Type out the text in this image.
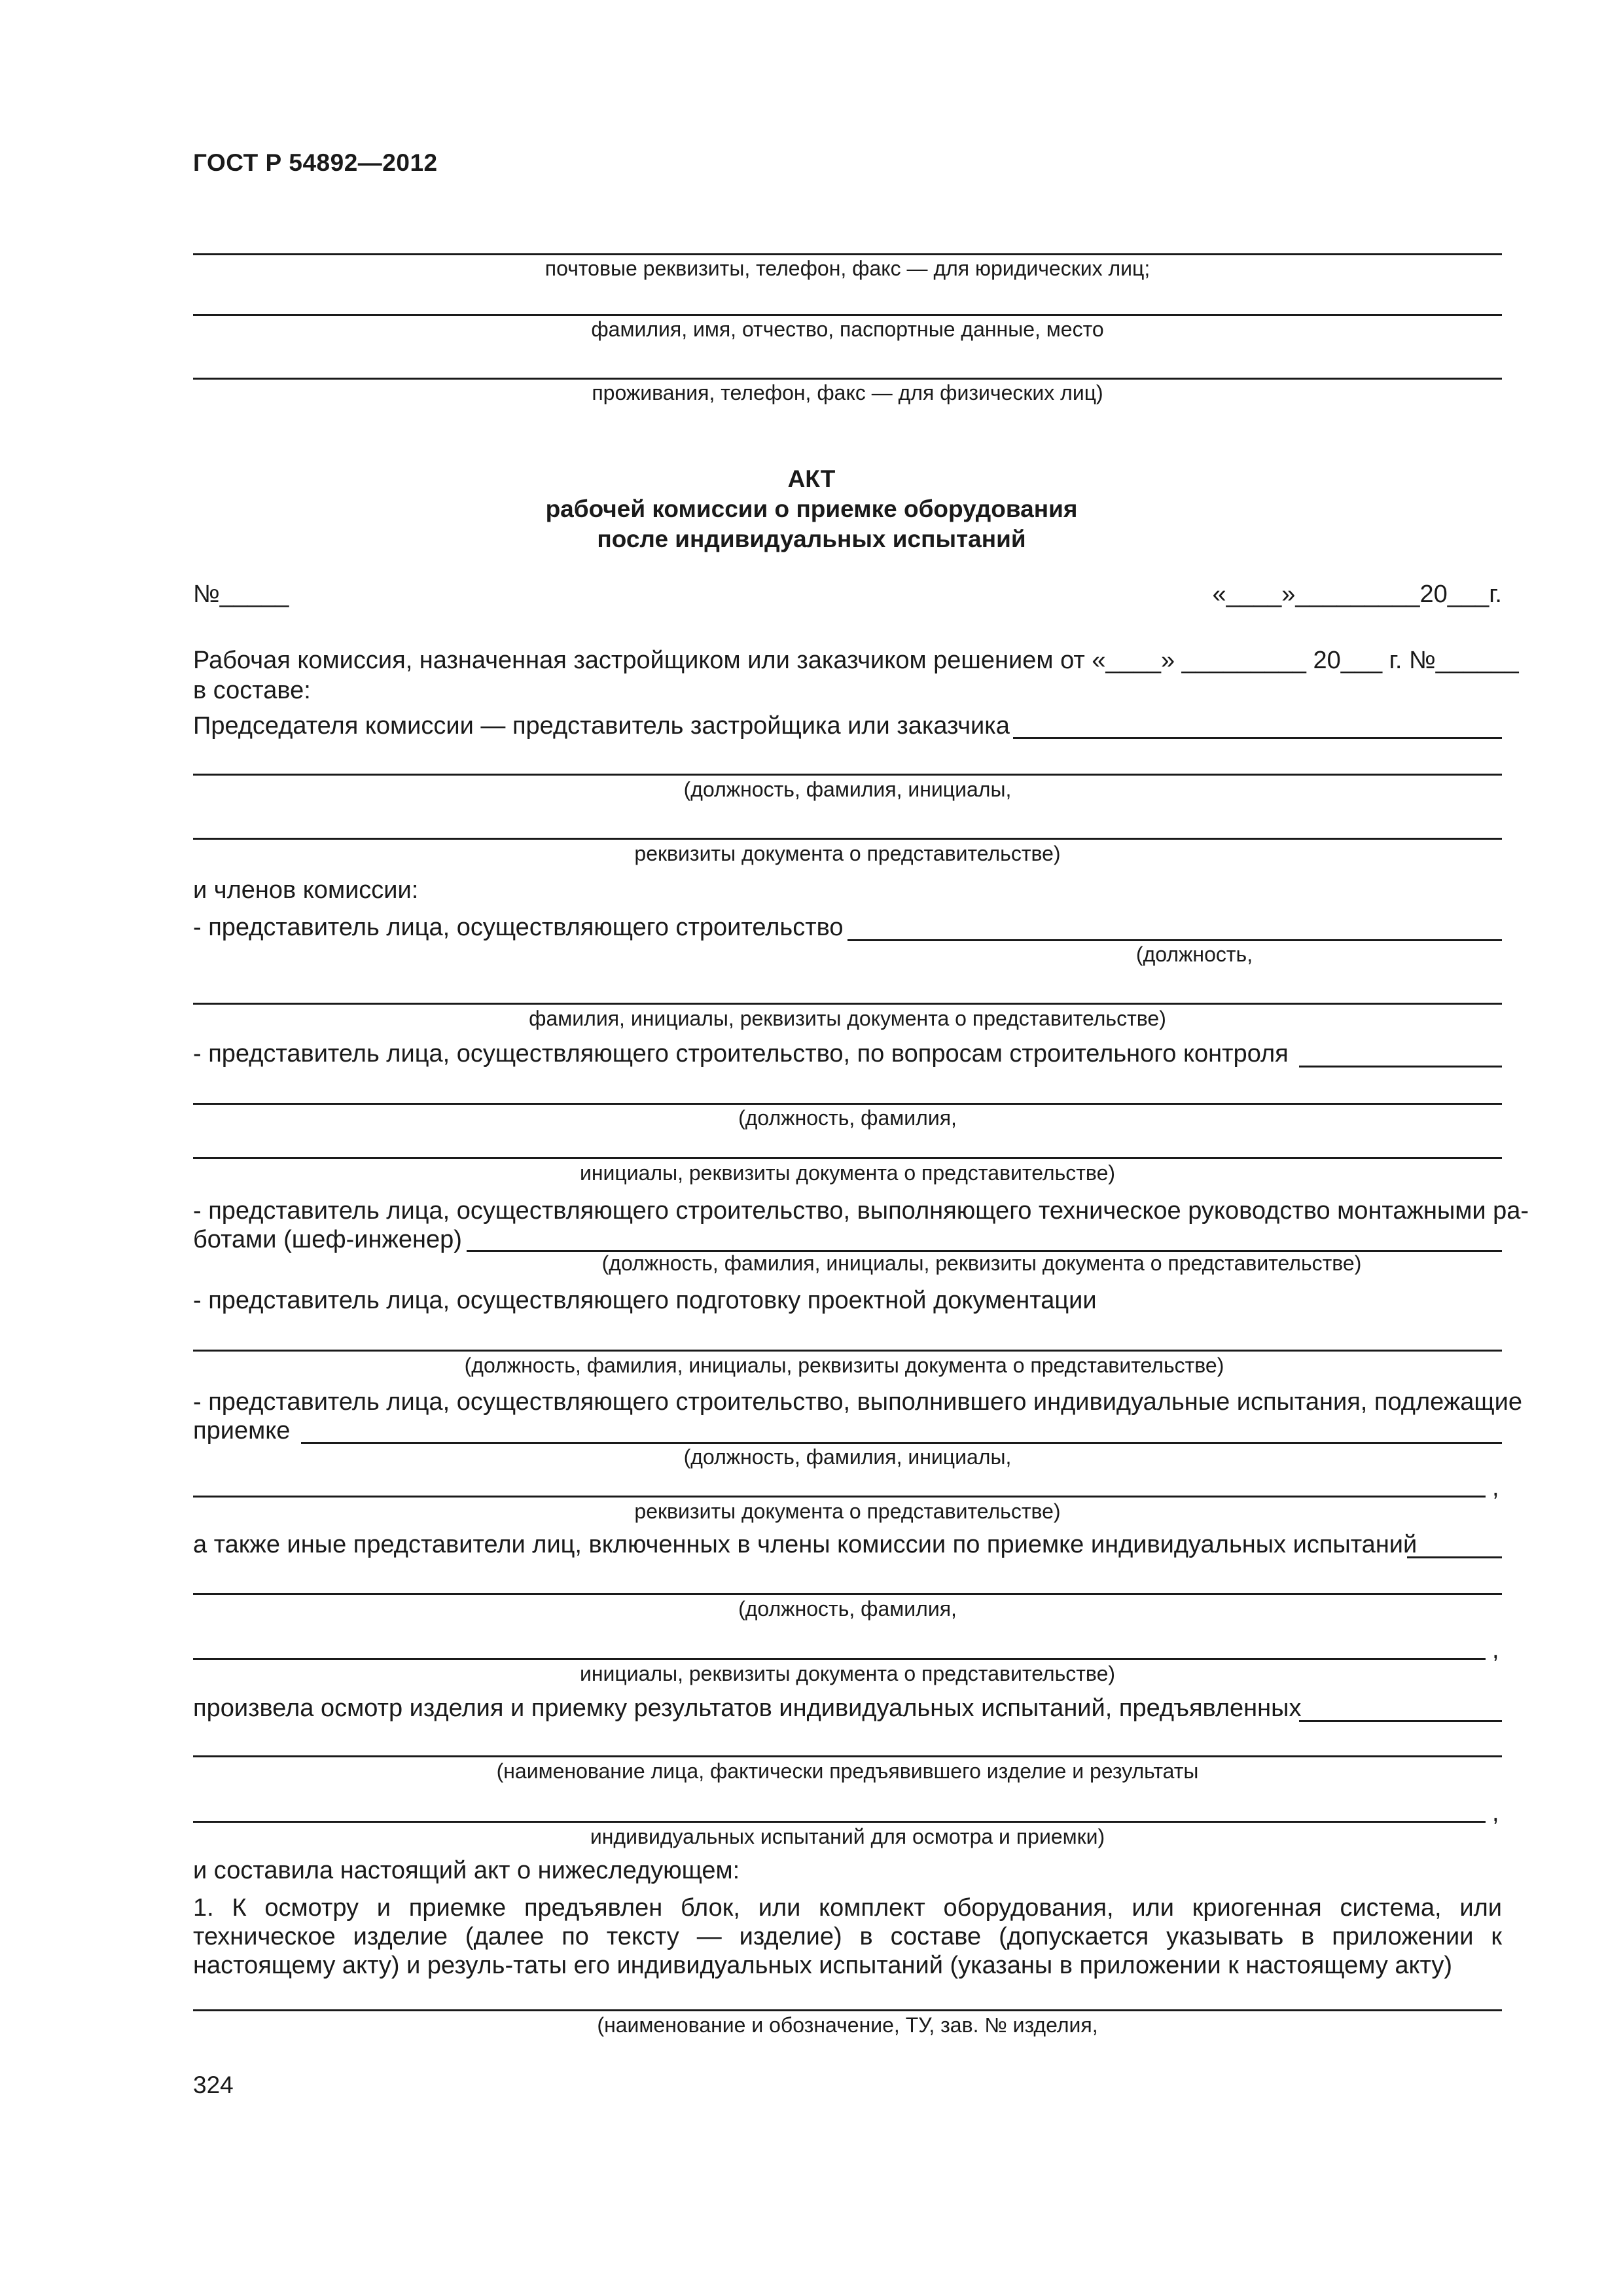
ГОСТ Р 54892—2012
почтовые реквизиты, телефон, факс — для юридических лиц;
фамилия, имя, отчество, паспортные данные, место
проживания, телефон, факс — для физических лиц)
АКТ
рабочей комиссии о приемке оборудования
после индивидуальных испытаний
№_____	«____»_________20___г.
Рабочая комиссия, назначенная застройщиком или заказчиком решением от «____» _________ 20___ г. №______
в составе:
Председателя комиссии — представитель застройщика или заказчика
(должность, фамилия, инициалы,
реквизиты документа о представительстве)
и членов комиссии:
- представитель лица, осуществляющего строительство
(должность,
фамилия, инициалы, реквизиты документа о представительстве)
- представитель лица, осуществляющего строительство, по вопросам строительного контроля
(должность, фамилия,
инициалы, реквизиты документа о представительстве)
- представитель лица, осуществляющего строительство, выполняющего техническое руководство монтажными ра-
ботами (шеф-инженер)
(должность, фамилия, инициалы, реквизиты документа о представительстве)
- представитель лица, осуществляющего подготовку проектной документации
(должность, фамилия, инициалы, реквизиты документа о представительстве)
- представитель лица, осуществляющего строительство, выполнившего индивидуальные испытания, подлежащие
приемке
(должность, фамилия, инициалы,
,
реквизиты документа о представительстве)
а также иные представители лиц, включенных в члены комиссии по приемке индивидуальных испытаний
(должность, фамилия,
,
инициалы, реквизиты документа о представительстве)
произвела осмотр изделия и приемку результатов индивидуальных испытаний, предъявленных
(наименование лица, фактически предъявившего изделие и результаты
,
индивидуальных испытаний для осмотра и приемки)
и составила настоящий акт о нижеследующем:
1. К осмотру и приемке предъявлен блок, или комплект оборудования, или криогенная система, или техническое изделие (далее по тексту — изделие) в составе (допускается указывать в приложении к настоящему акту) и резуль-таты его индивидуальных испытаний (указаны в приложении к настоящему акту)
(наименование и обозначение, ТУ, зав. № изделия,
324
